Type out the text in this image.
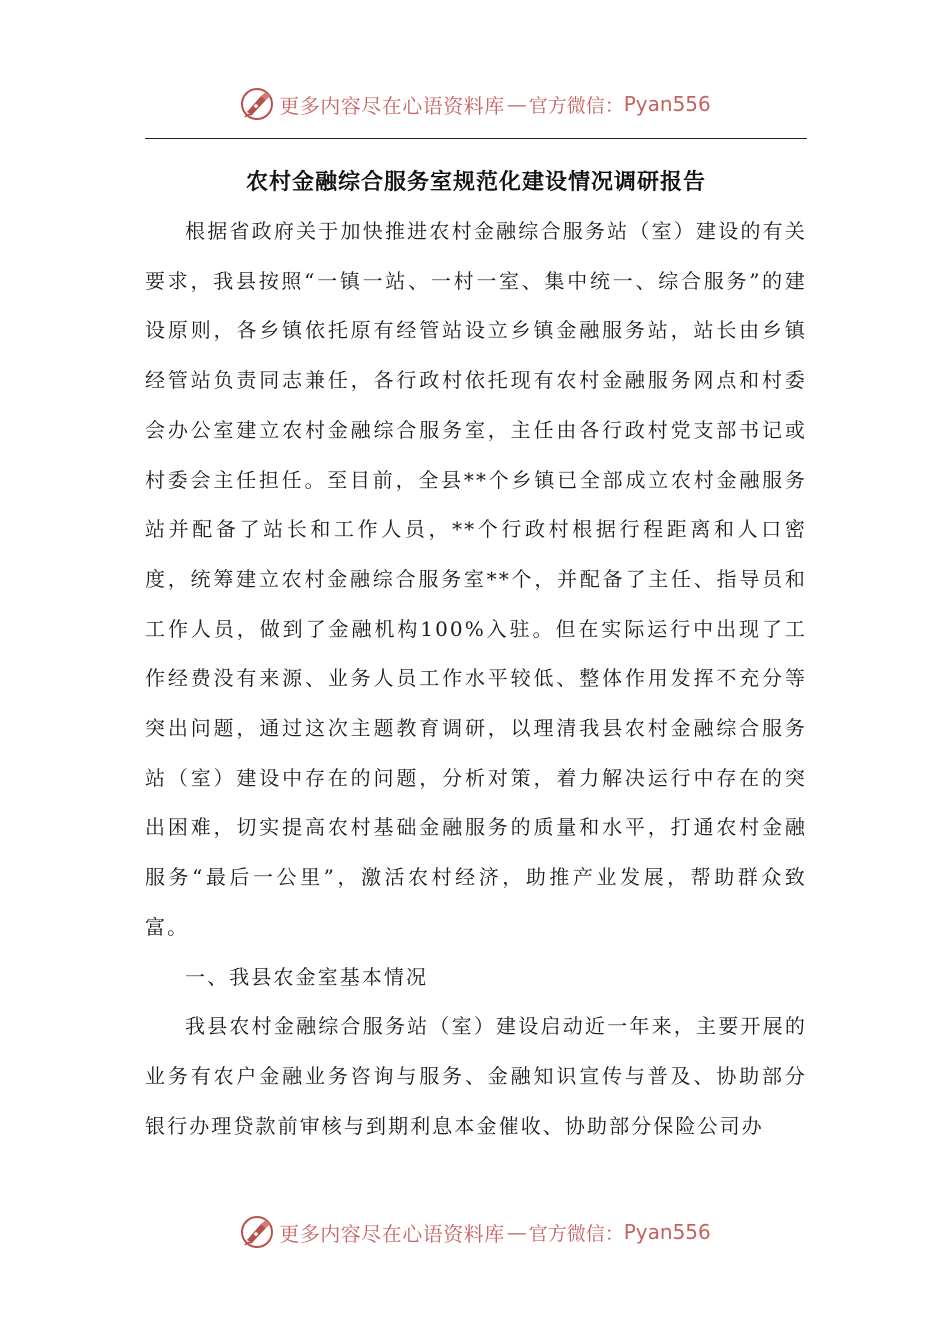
更多内容尽在心语资料库 — 官方微信： Pyan556
农村金融综合服务室规范化建设情况调研报告

根据省政府关于加快推进农村金融综合服务站（室）建设的有关要求，我县按照“一镇一站、一村一室、集中统一、综合服务”的建设原则，各乡镇依托原有经管站设立乡镇金融服务站，站长由乡镇经管站负责同志兼任，各行政村依托现有农村金融服务网点和村委会办公室建立农村金融综合服务室，主任由各行政村党支部书记或村委会主任担任。至目前，全县**个乡镇已全部成立农村金融服务站并配备了站长和工作人员，**个行政村根据行程距离和人口密度，统筹建立农村金融综合服务室**个，并配备了主任、指导员和工作人员，做到了金融机构100%入驻。但在实际运行中出现了工作经费没有来源、业务人员工作水平较低、整体作用发挥不充分等突出问题，通过这次主题教育调研，以理清我县农村金融综合服务站（室）建设中存在的问题，分析对策，着力解决运行中存在的突出困难，切实提高农村基础金融服务的质量和水平，打通农村金融服务“最后一公里”，激活农村经济，助推产业发展，帮助群众致富。

一、我县农金室基本情况

我县农村金融综合服务站（室）建设启动近一年来，主要开展的业务有农户金融业务咨询与服务、金融知识宣传与普及、协助部分银行办理贷款前审核与到期利息本金催收、协助部分保险公司办

更多内容尽在心语资料库 — 官方微信： Pyan556
